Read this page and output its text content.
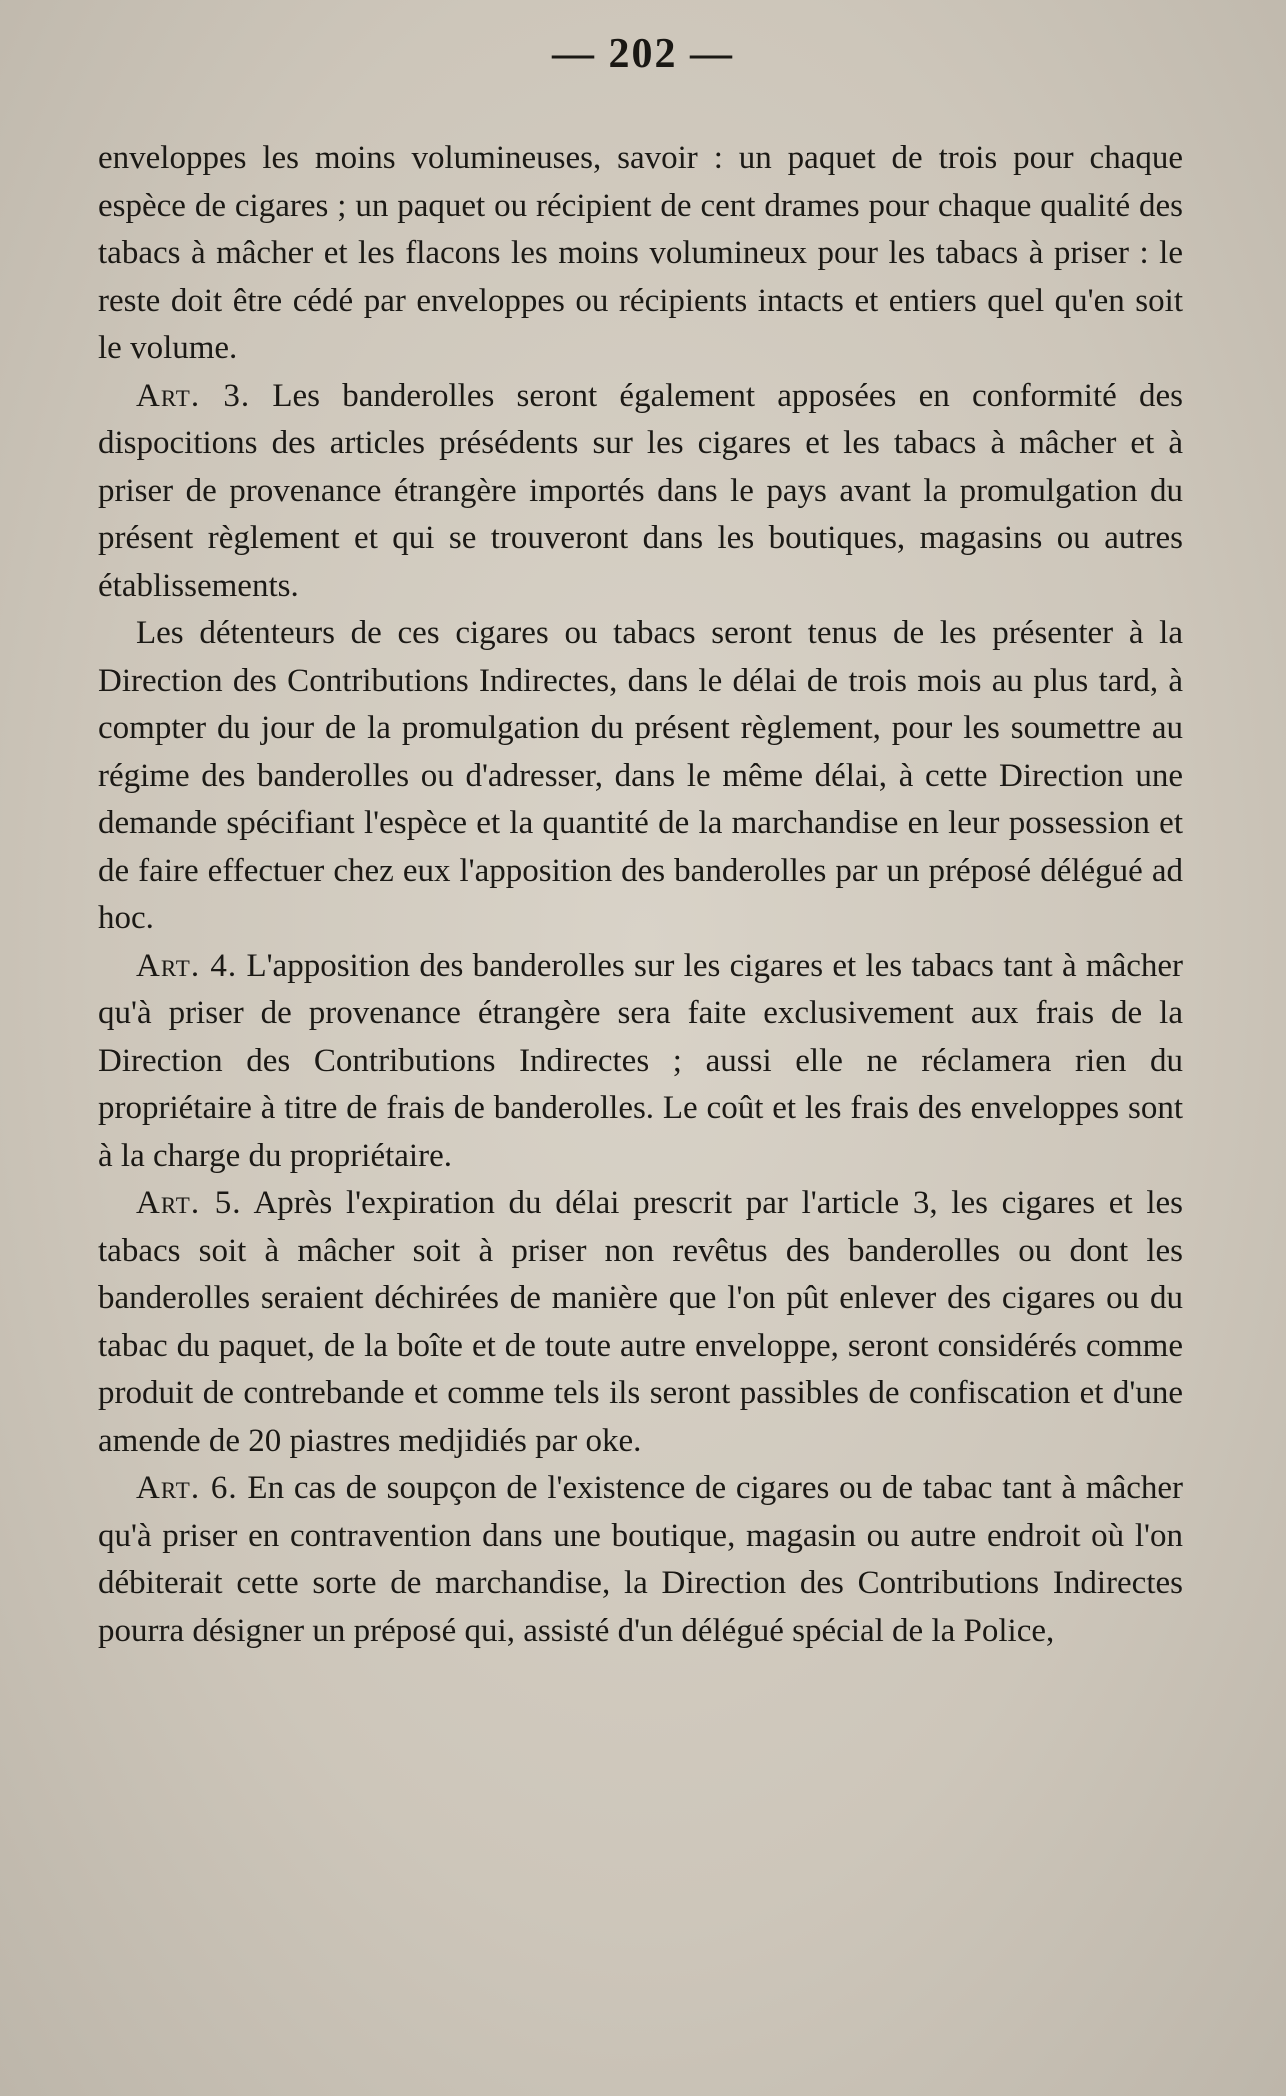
— 202 —

enveloppes les moins volumineuses, savoir : un paquet de trois pour chaque espèce de cigares ; un paquet ou récipient de cent drames pour chaque qualité des tabacs à mâcher et les flacons les moins volumineux pour les tabacs à priser : le reste doit être cédé par enveloppes ou récipients intacts et entiers quel qu'en soit le volume.

Art. 3. Les banderolles seront également apposées en conformité des dispocitions des articles présédents sur les cigares et les tabacs à mâcher et à priser de provenance étrangère importés dans le pays avant la promulgation du présent règlement et qui se trouveront dans les boutiques, magasins ou autres établissements.

Les détenteurs de ces cigares ou tabacs seront tenus de les présenter à la Direction des Contributions Indirectes, dans le délai de trois mois au plus tard, à compter du jour de la promulgation du présent règlement, pour les soumettre au régime des banderolles ou d'adresser, dans le même délai, à cette Direction une demande spécifiant l'espèce et la quantité de la marchandise en leur possession et de faire effectuer chez eux l'apposition des banderolles par un préposé délégué ad hoc.

Art. 4. L'apposition des banderolles sur les cigares et les tabacs tant à mâcher qu'à priser de provenance étrangère sera faite exclusivement aux frais de la Direction des Contributions Indirectes ; aussi elle ne réclamera rien du propriétaire à titre de frais de banderolles. Le coût et les frais des enveloppes sont à la charge du propriétaire.

Art. 5. Après l'expiration du délai prescrit par l'article 3, les cigares et les tabacs soit à mâcher soit à priser non revêtus des banderolles ou dont les banderolles seraient déchirées de manière que l'on pût enlever des cigares ou du tabac du paquet, de la boîte et de toute autre enveloppe, seront considérés comme produit de contrebande et comme tels ils seront passibles de confiscation et d'une amende de 20 piastres medjidiés par oke.

Art. 6. En cas de soupçon de l'existence de cigares ou de tabac tant à mâcher qu'à priser en contravention dans une boutique, magasin ou autre endroit où l'on débiterait cette sorte de marchandise, la Direction des Contributions Indirectes pourra désigner un préposé qui, assisté d'un délégué spécial de la Police,
